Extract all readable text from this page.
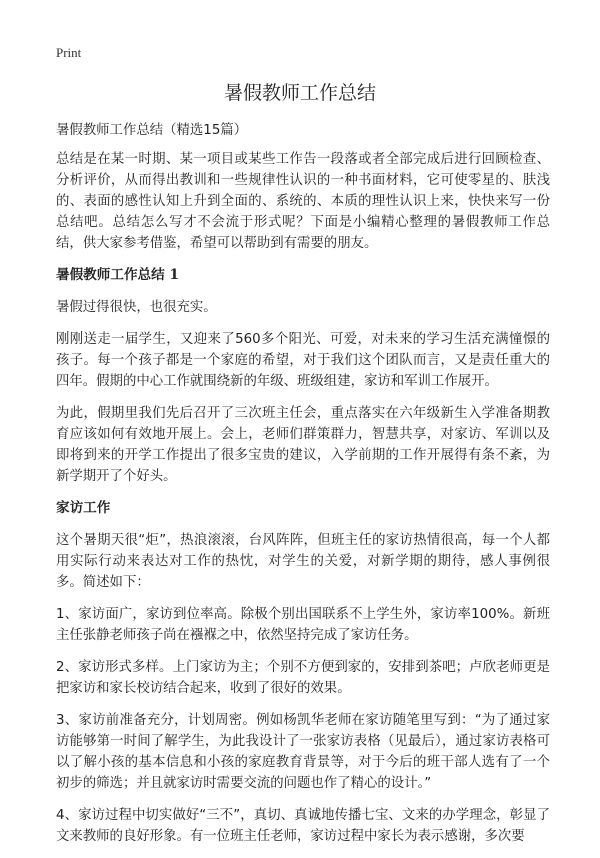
Print
暑假教师工作总结

暑假教师工作总结（精选15篇）

总结是在某一时期、某一项目或某些工作告一段落或者全部完成后进行回顾检查、分析评价，从而得出教训和一些规律性认识的一种书面材料，它可使零星的、肤浅的、表面的感性认知上升到全面的、系统的、本质的理性认识上来，快快来写一份总结吧。总结怎么写才不会流于形式呢？下面是小编精心整理的暑假教师工作总结，供大家参考借鉴，希望可以帮助到有需要的朋友。

暑假教师工作总结 1

暑假过得很快，也很充实。

刚刚送走一届学生，又迎来了560多个阳光、可爱，对未来的学习生活充满憧憬的孩子。每一个孩子都是一个家庭的希望，对于我们这个团队而言，又是责任重大的四年。假期的中心工作就围绕新的年级、班级组建，家访和军训工作展开。

为此，假期里我们先后召开了三次班主任会，重点落实在六年级新生入学准备期教育应该如何有效地开展上。会上，老师们群策群力，智慧共享，对家访、军训以及即将到来的开学工作提出了很多宝贵的建议，入学前期的工作开展得有条不紊，为新学期开了个好头。

家访工作

这个暑期天很“炬”，热浪滚滚，台风阵阵，但班主任的家访热情很高，每一个人都用实际行动来表达对工作的热忱，对学生的关爱，对新学期的期待，感人事例很多。简述如下：

1、家访面广，家访到位率高。除极个别出国联系不上学生外，家访率100%。新班主任张静老师孩子尚在襁褓之中，依然坚持完成了家访任务。

2、家访形式多样。上门家访为主；个别不方便到家的，安排到茶吧；卢欣老师更是把家访和家长校访结合起来，收到了很好的效果。

3、家访前准备充分，计划周密。例如杨凯华老师在家访随笔里写到：“为了通过家访能够第一时间了解学生，为此我设计了一张家访表格（见最后），通过家访表格可以了解小孩的基本信息和小孩的家庭教育背景等，对于今后的班干部人选有了一个初步的筛选；并且就家访时需要交流的问题也作了精心的设计。”

4、家访过程中切实做好“三不”，真切、真诚地传播七宝、文来的办学理念，彰显了文来教师的良好形象。有一位班主任老师，家访过程中家长为表示感谢，多次要
